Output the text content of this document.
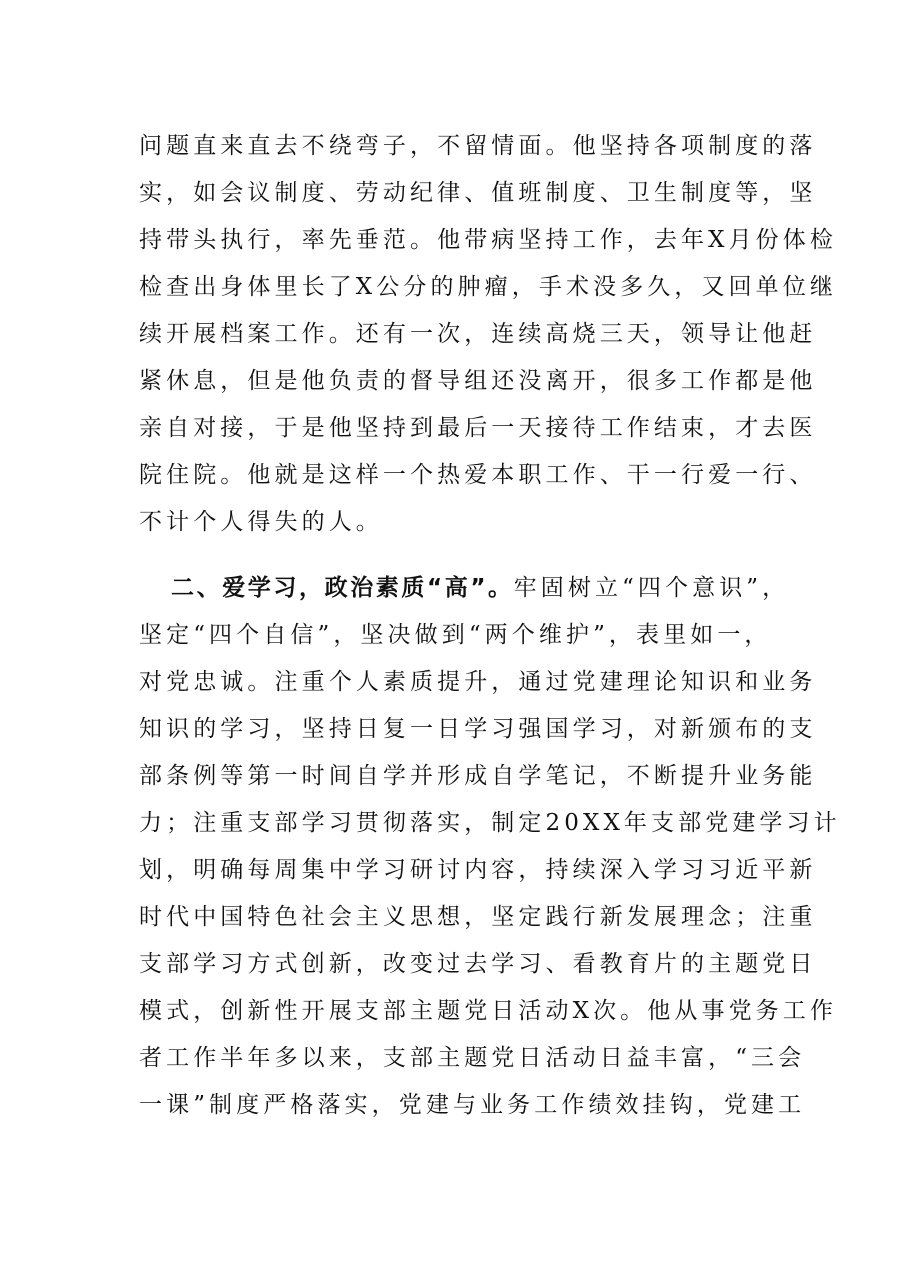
问题直来直去不绕弯子，不留情面。他坚持各项制度的落
实，如会议制度、劳动纪律、值班制度、卫生制度等，坚
持带头执行，率先垂范。他带病坚持工作，去年X月份体检
检查出身体里长了X公分的肿瘤，手术没多久，又回单位继
续开展档案工作。还有一次，连续高烧三天，领导让他赶
紧休息，但是他负责的督导组还没离开，很多工作都是他
亲自对接，于是他坚持到最后一天接待工作结束，才去医
院住院。他就是这样一个热爱本职工作、干一行爱一行、
不计个人得失的人。
二、爱学习，政治素质“高”。牢固树立“四个意识”，
坚定“四个自信”，坚决做到“两个维护”，表里如一，
对党忠诚。注重个人素质提升，通过党建理论知识和业务
知识的学习，坚持日复一日学习强国学习，对新颁布的支
部条例等第一时间自学并形成自学笔记，不断提升业务能
力；注重支部学习贯彻落实，制定20XX年支部党建学习计
划，明确每周集中学习研讨内容，持续深入学习习近平新
时代中国特色社会主义思想，坚定践行新发展理念；注重
支部学习方式创新，改变过去学习、看教育片的主题党日
模式，创新性开展支部主题党日活动X次。他从事党务工作
者工作半年多以来，支部主题党日活动日益丰富，“三会
一课”制度严格落实，党建与业务工作绩效挂钩，党建工
